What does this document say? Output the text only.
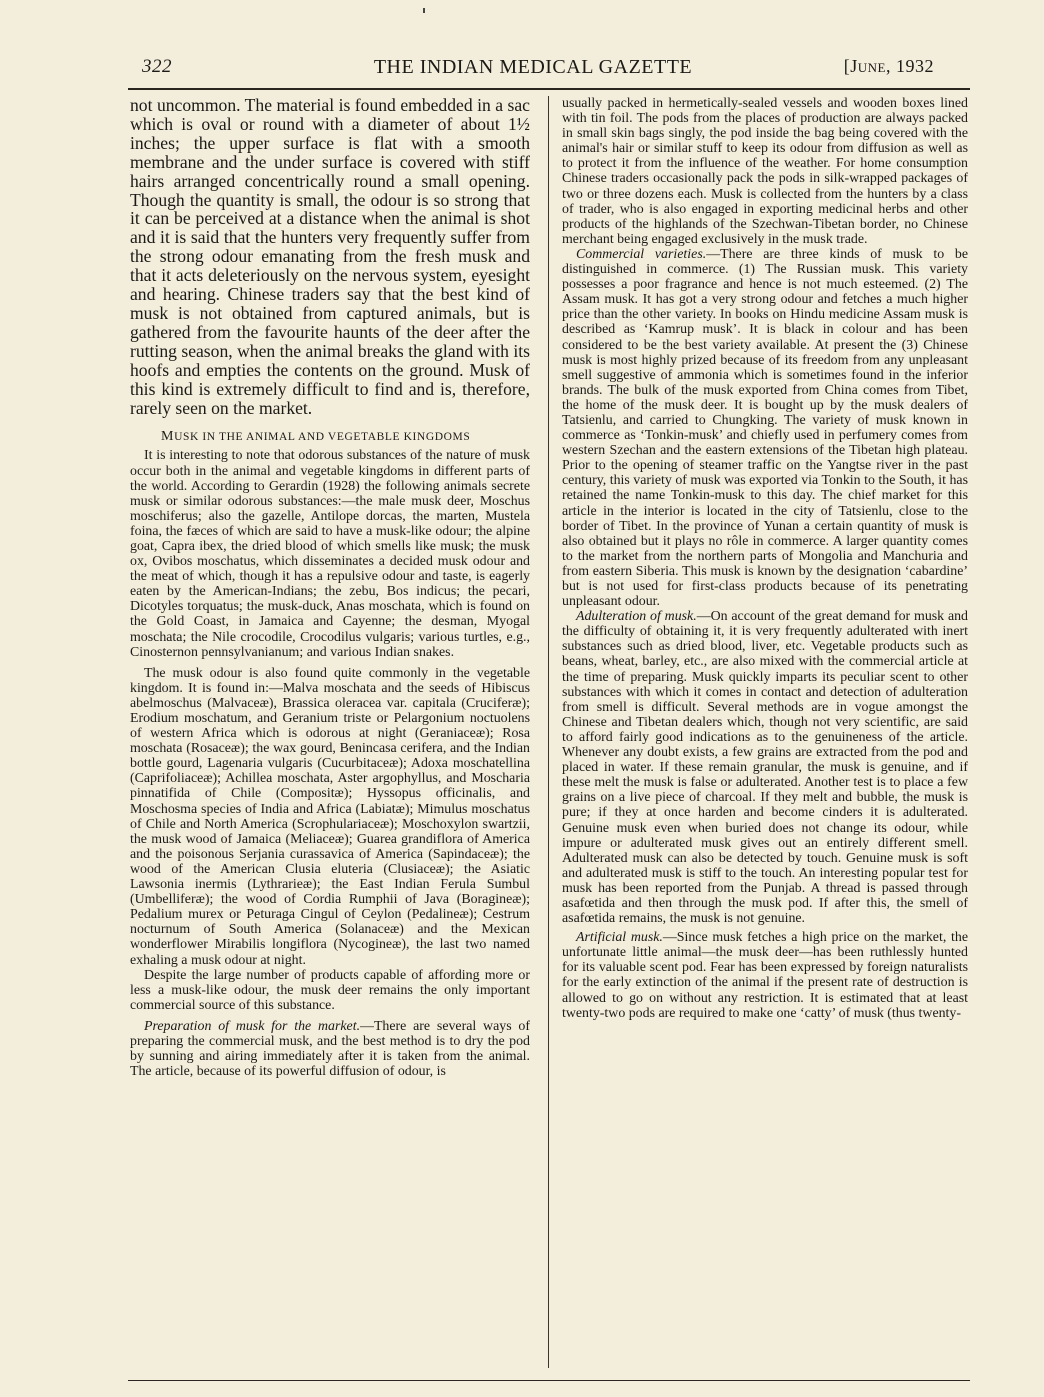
322	THE INDIAN MEDICAL GAZETTE	[June, 1932

not uncommon. The material is found embedded in a sac which is oval or round with a diameter of about 1½ inches; the upper surface is flat with a smooth membrane and the under surface is covered with stiff hairs arranged concentrically round a small opening. Though the quantity is small, the odour is so strong that it can be perceived at a distance when the animal is shot and it is said that the hunters very frequently suffer from the strong odour emanating from the fresh musk and that it acts deleteriously on the nervous system, eyesight and hearing. Chinese traders say that the best kind of musk is not obtained from captured animals, but is gathered from the favourite haunts of the deer after the rutting season, when the animal breaks the gland with its hoofs and empties the contents on the ground. Musk of this kind is extremely difficult to find and is, therefore, rarely seen on the market.

MUSK IN THE ANIMAL AND VEGETABLE KINGDOMS

It is interesting to note that odorous substances of the nature of musk occur both in the animal and vegetable kingdoms in different parts of the world. According to Gerardin (1928) the following animals secrete musk or similar odorous substances:—the male musk deer, Moschus moschiferus; also the gazelle, Antilope dorcas, the marten, Mustela foina, the fæces of which are said to have a musk-like odour; the alpine goat, Capra ibex, the dried blood of which smells like musk; the musk ox, Ovibos moschatus, which disseminates a decided musk odour and the meat of which, though it has a repulsive odour and taste, is eagerly eaten by the American-Indians; the zebu, Bos indicus; the pecari, Dicotyles torquatus; the musk-duck, Anas moschata, which is found on the Gold Coast, in Jamaica and Cayenne; the desman, Myogal moschata; the Nile crocodile, Crocodilus vulgaris; various turtles, e.g., Cinosternon pennsylvanianum; and various Indian snakes.

The musk odour is also found quite commonly in the vegetable kingdom. It is found in:—Malva moschata and the seeds of Hibiscus abelmoschus (Malvaceæ), Brassica oleracea var. capitala (Cruciferæ); Erodium moschatum, and Geranium triste or Pelargonium noctuolens of western Africa which is odorous at night (Geraniaceæ); Rosa moschata (Rosaceæ); the wax gourd, Benincasa cerifera, and the Indian bottle gourd, Lagenaria vulgaris (Cucurbitaceæ); Adoxa moschatellina (Caprifoliaceæ); Achillea moschata, Aster argophyllus, and Moscharia pinnatifida of Chile (Compositæ); Hyssopus officinalis, and Moschosma species of India and Africa (Labiatæ); Mimulus moschatus of Chile and North America (Scrophulariaceæ); Moschoxylon swartzii, the musk wood of Jamaica (Meliaceæ); Guarea grandiflora of America and the poisonous Serjania curassavica of America (Sapindaceæ); the wood of the American Clusia eluteria (Clusiaceæ); the Asiatic Lawsonia inermis (Lythrarieæ); the East Indian Ferula Sumbul (Umbelliferæ); the wood of Cordia Rumphii of Java (Boragineæ); Pedalium murex or Peturaga Cingul of Ceylon (Pedalineæ); Cestrum nocturnum of South America (Solanaceæ) and the Mexican wonderflower Mirabilis longiflora (Nycogineæ), the last two named exhaling a musk odour at night.

Despite the large number of products capable of affording more or less a musk-like odour, the musk deer remains the only important commercial source of this substance.

Preparation of musk for the market.—There are several ways of preparing the commercial musk, and the best method is to dry the pod by sunning and airing immediately after it is taken from the animal. The article, because of its powerful diffusion of odour, is

usually packed in hermetically-sealed vessels and wooden boxes lined with tin foil. The pods from the places of production are always packed in small skin bags singly, the pod inside the bag being covered with the animal's hair or similar stuff to keep its odour from diffusion as well as to protect it from the influence of the weather. For home consumption Chinese traders occasionally pack the pods in silk-wrapped packages of two or three dozens each. Musk is collected from the hunters by a class of trader, who is also engaged in exporting medicinal herbs and other products of the highlands of the Szechwan-Tibetan border, no Chinese merchant being engaged exclusively in the musk trade.

Commercial varieties.—There are three kinds of musk to be distinguished in commerce. (1) The Russian musk. This variety possesses a poor fragrance and hence is not much esteemed. (2) The Assam musk. It has got a very strong odour and fetches a much higher price than the other variety. In books on Hindu medicine Assam musk is described as ‘Kamrup musk’. It is black in colour and has been considered to be the best variety available. At present the (3) Chinese musk is most highly prized because of its freedom from any unpleasant smell suggestive of ammonia which is sometimes found in the inferior brands. The bulk of the musk exported from China comes from Tibet, the home of the musk deer. It is bought up by the musk dealers of Tatsienlu, and carried to Chungking. The variety of musk known in commerce as ‘Tonkin-musk’ and chiefly used in perfumery comes from western Szechan and the eastern extensions of the Tibetan high plateau. Prior to the opening of steamer traffic on the Yangtse river in the past century, this variety of musk was exported via Tonkin to the South, it has retained the name Tonkin-musk to this day. The chief market for this article in the interior is located in the city of Tatsienlu, close to the border of Tibet. In the province of Yunan a certain quantity of musk is also obtained but it plays no rôle in commerce. A larger quantity comes to the market from the northern parts of Mongolia and Manchuria and from eastern Siberia. This musk is known by the designation ‘cabardine’ but is not used for first-class products because of its penetrating unpleasant odour.

Adulteration of musk.—On account of the great demand for musk and the difficulty of obtaining it, it is very frequently adulterated with inert substances such as dried blood, liver, etc. Vegetable products such as beans, wheat, barley, etc., are also mixed with the commercial article at the time of preparing. Musk quickly imparts its peculiar scent to other substances with which it comes in contact and detection of adulteration from smell is difficult. Several methods are in vogue amongst the Chinese and Tibetan dealers which, though not very scientific, are said to afford fairly good indications as to the genuineness of the article. Whenever any doubt exists, a few grains are extracted from the pod and placed in water. If these remain granular, the musk is genuine, and if these melt the musk is false or adulterated. Another test is to place a few grains on a live piece of charcoal. If they melt and bubble, the musk is pure; if they at once harden and become cinders it is adulterated. Genuine musk even when buried does not change its odour, while impure or adulterated musk gives out an entirely different smell. Adulterated musk can also be detected by touch. Genuine musk is soft and adulterated musk is stiff to the touch. An interesting popular test for musk has been reported from the Punjab. A thread is passed through asafœtida and then through the musk pod. If after this, the smell of asafœtida remains, the musk is not genuine.

Artificial musk.—Since musk fetches a high price on the market, the unfortunate little animal—the musk deer—has been ruthlessly hunted for its valuable scent pod. Fear has been expressed by foreign naturalists for the early extinction of the animal if the present rate of destruction is allowed to go on without any restriction. It is estimated that at least twenty-two pods are required to make one ‘catty’ of musk (thus twenty-
